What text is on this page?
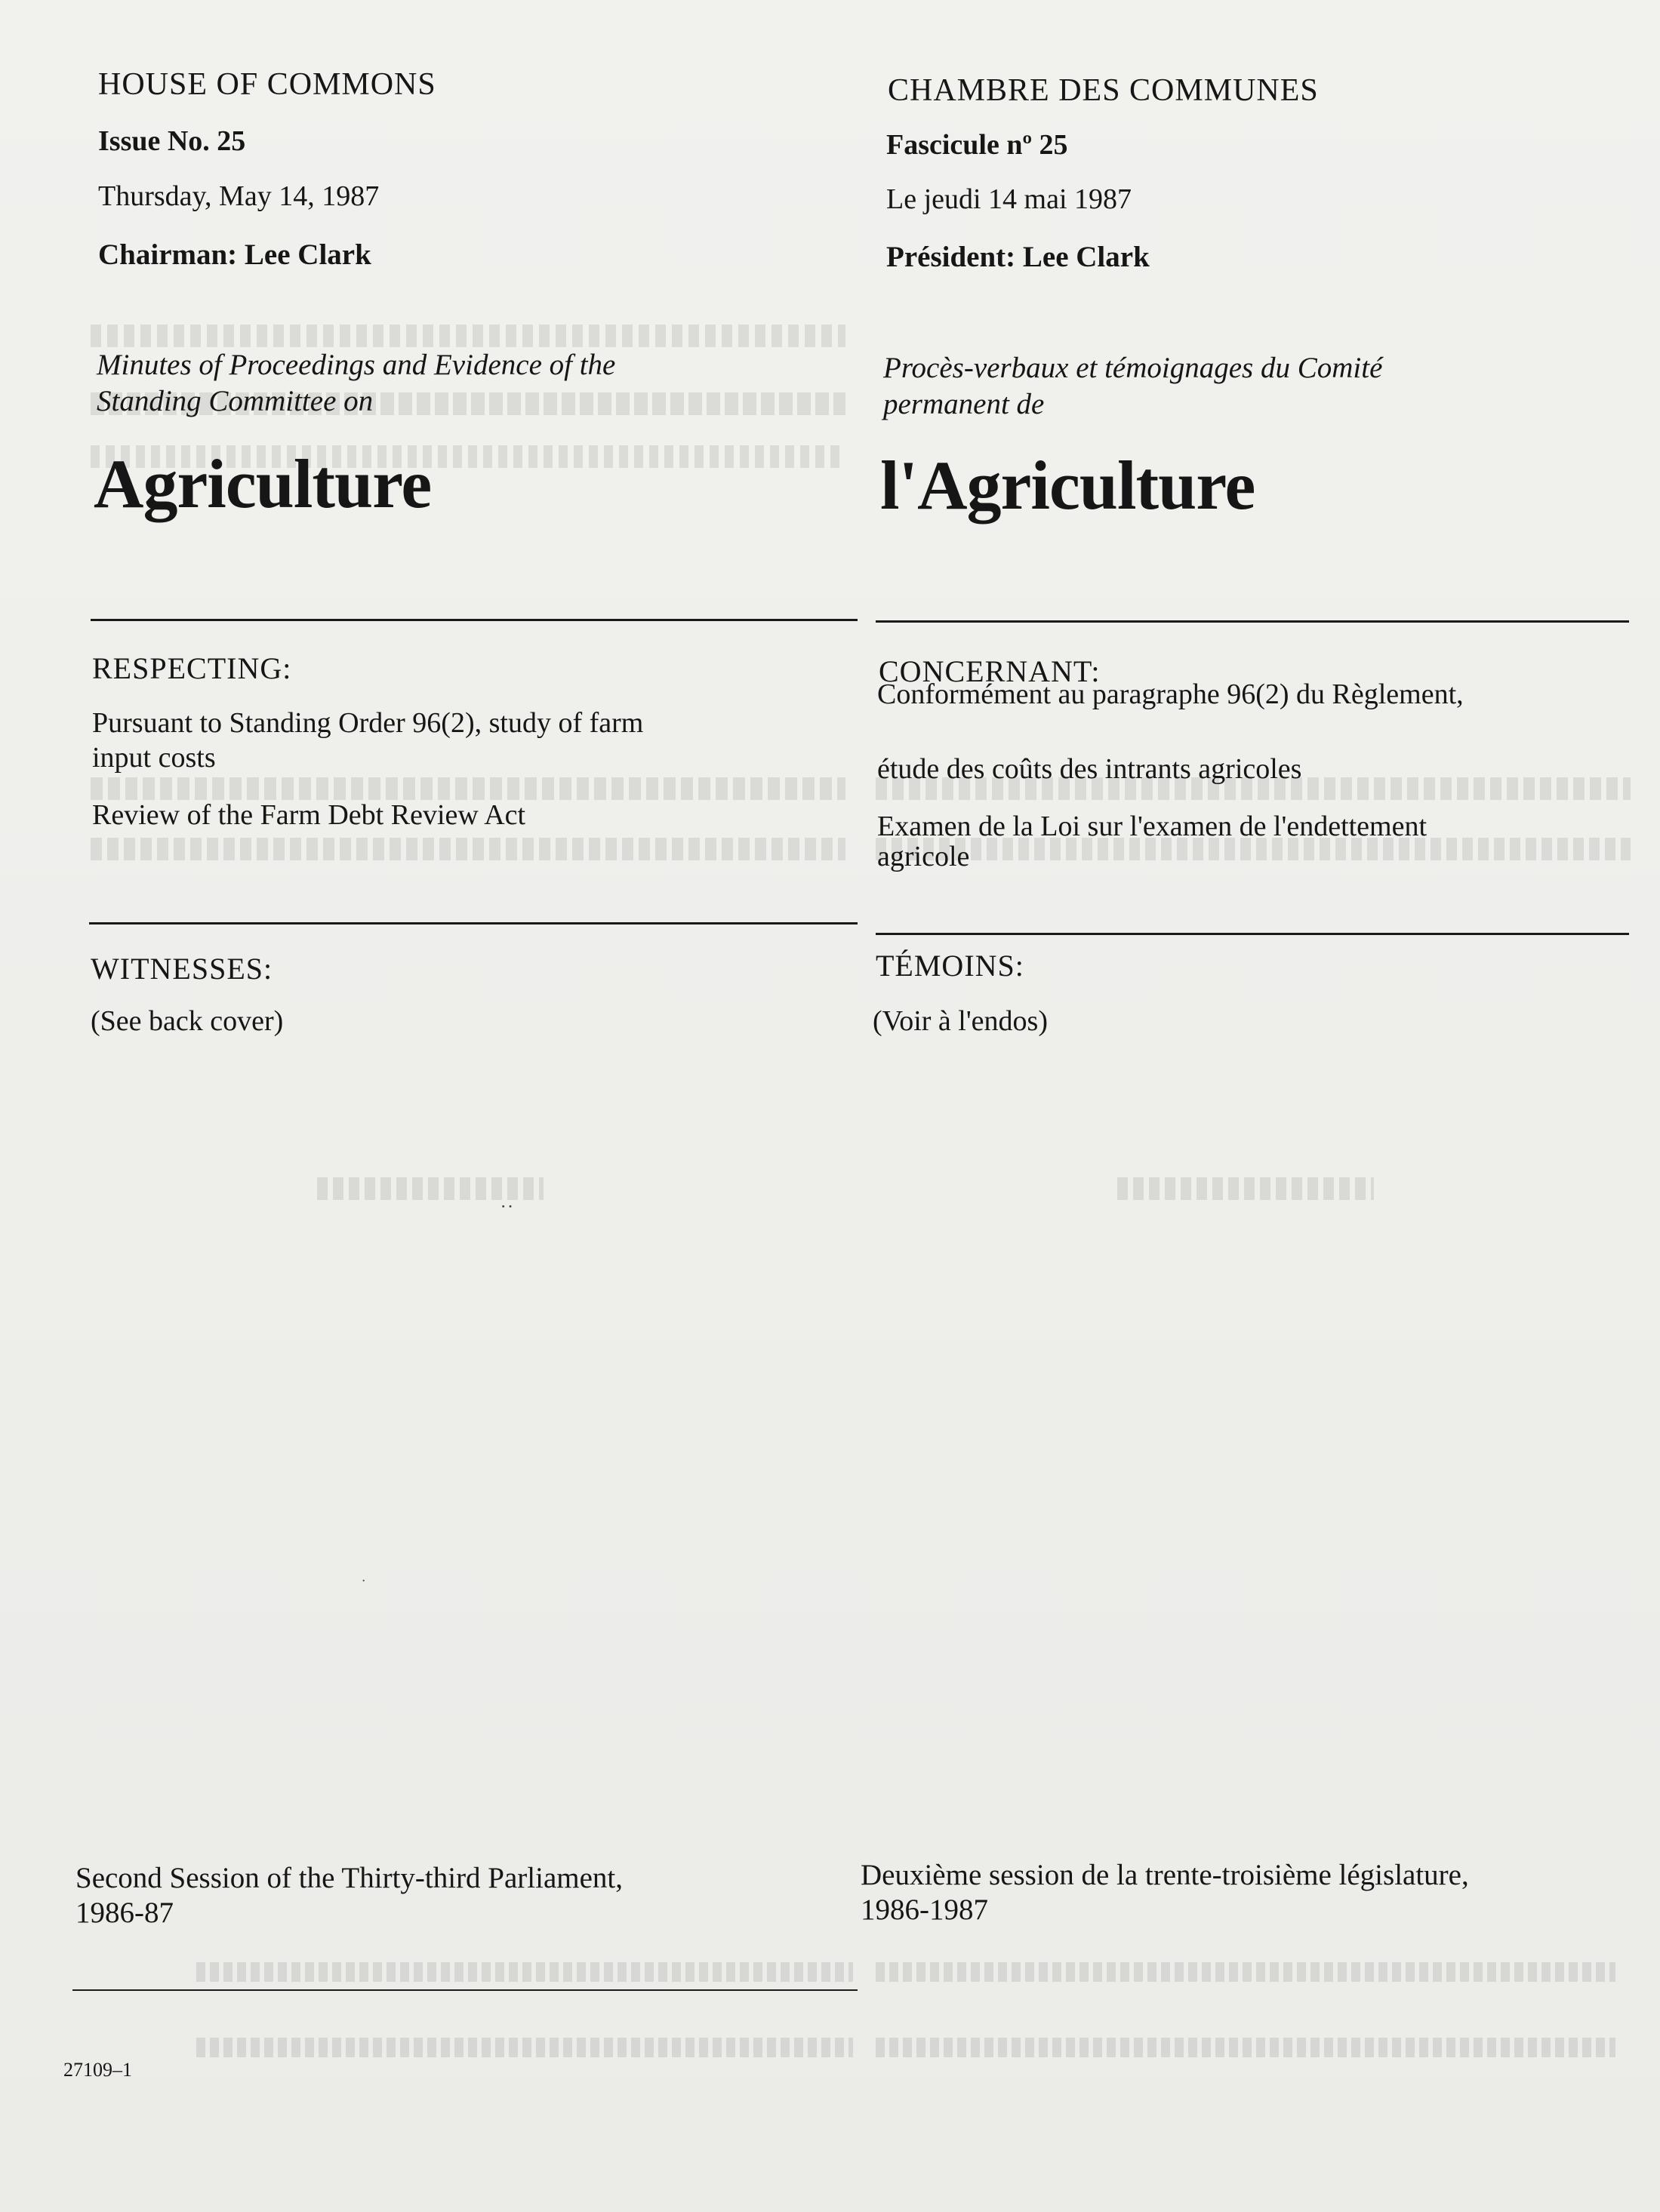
HOUSE OF COMMONS
Issue No. 25
Thursday, May 14, 1987
Chairman: Lee Clark
Minutes of Proceedings and Evidence of the
Standing Committee on
Agriculture
RESPECTING:
Pursuant to Standing Order 96(2), study of farm
input costs
Review of the Farm Debt Review Act
WITNESSES:
(See back cover)
Second Session of the Thirty-third Parliament,
1986-87
27109–1
CHAMBRE DES COMMUNES
Fascicule nº 25
Le jeudi 14 mai 1987
Président: Lee Clark
Procès-verbaux et témoignages du Comité
permanent de
l'Agriculture
CONCERNANT:
Conformément au paragraphe 96(2) du Règlement,
étude des coûts des intrants agricoles
Examen de la Loi sur l'examen de l'endettement
agricole
TÉMOINS:
(Voir à l'endos)
Deuxième session de la trente-troisième législature,
1986-1987
˙˙
˙
